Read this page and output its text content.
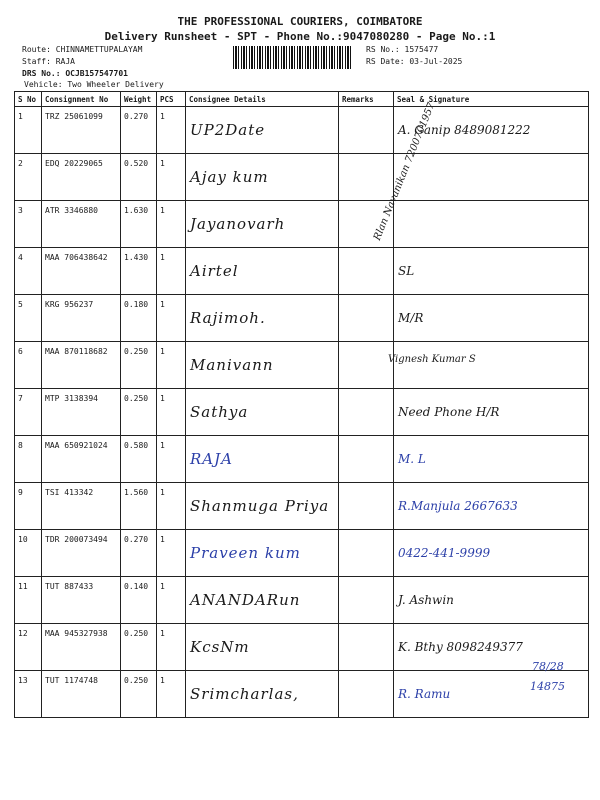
THE PROFESSIONAL COURIERS, COIMBATORE
Delivery Runsheet - SPT - Phone No.:9047080280 - Page No.:1
Route: CHINNAMETTUPALAYAM
Staff: RAJA
DRS No.: OCJB157547701
Vehicle: Two Wheeler Delivery
RS No.: 1575477
RS Date: 03-Jul-2025
S No	Consignment No	Weight	PCS	Consignee Details	Remarks	Seal & Signature
1	TRZ 25061099	0.270	1	UP2Date		A. Ganip 8489081222
2	EDQ 20229065	0.520	1	Ajay kum		
3	ATR 3346880	1.630	1	Jayanovarh		
4	MAA 706438642	1.430	1	Airtel		SL
5	KRG 956237	0.180	1	Rajimoh.		M/R
6	MAA 870118682	0.250	1	Manivann		
7	MTP 3138394	0.250	1	Sathya		Need Phone H/R
8	MAA 650921024	0.580	1	RAJA		M. L
9	TSI 413342	1.560	1	Shanmuga Priya		R.Manjula 2667633
10	TDR 200073494	0.270	1	Praveen kum		0422-441-9999
11	TUT 887433	0.140	1	ANANDARun		J. Ashwin
12	MAA 945327938	0.250	1	KcsNm		K. Bthy 8098249377
13	TUT 1174748	0.250	1	Srimcharlas,		R. Ramu
Rlan Navanikan 7200701957
Vignesh Kumar S
78/28
14875
